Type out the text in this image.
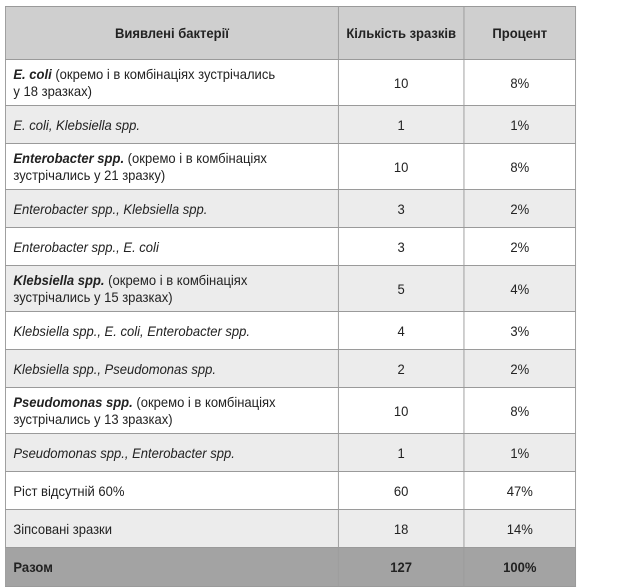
Виявлені бактерії	Кількість зразків	Процент

E. coli (окремо і в комбінаціях зустрічались
у 18 зразках)	10	8%
E. coli, Klebsiella spp.	1	1%

Enterobacter spp. (окремо і в комбінаціях
зустрічались у 21 зразку)	10	8%
Enterobacter spp., Klebsiella spp.	3	2%
Enterobacter spp., E. coli	3	2%

Klebsiella spp. (окремо і в комбінаціях
зустрічались у 15 зразках)	5	4%
Klebsiella spp., E. coli, Enterobacter spp.	4	3%
Klebsiella spp., Pseudomonas spp.	2	2%

Pseudomonas spp. (окремо і в комбінаціях
зустрічались у 13 зразках)	10	8%
Pseudomonas spp., Enterobacter spp.	1	1%
Ріст відсутній 60%	60	47%
Зіпсовані зразки	18	14%
Разом	127	100%
